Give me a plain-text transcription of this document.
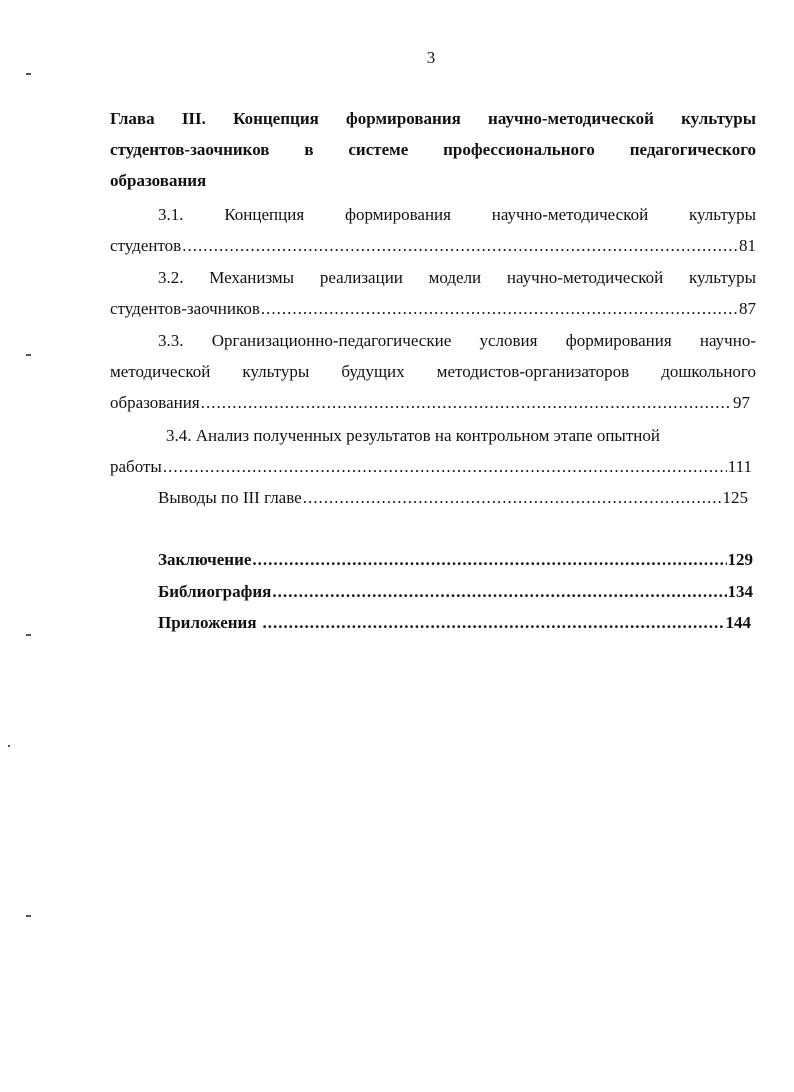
3
Глава III. Концепция формирования научно-методической культуры
студентов-заочников в системе профессионального педагогического
образования
3.1. Концепция формирования научно-методической культуры
студентов .....	81
3.2. Механизмы реализации модели научно-методической культуры
студентов-заочников .....	87
3.3. Организационно-педагогические условия формирования научно-
методической культуры будущих методистов-организаторов дошкольного
образования .....	97
3.4. Анализ полученных результатов на контрольном этапе опытной
работы .....	111
Выводы по III главе .....	125
Заключение .....	129
Библиография .....	134
Приложения .....	144
